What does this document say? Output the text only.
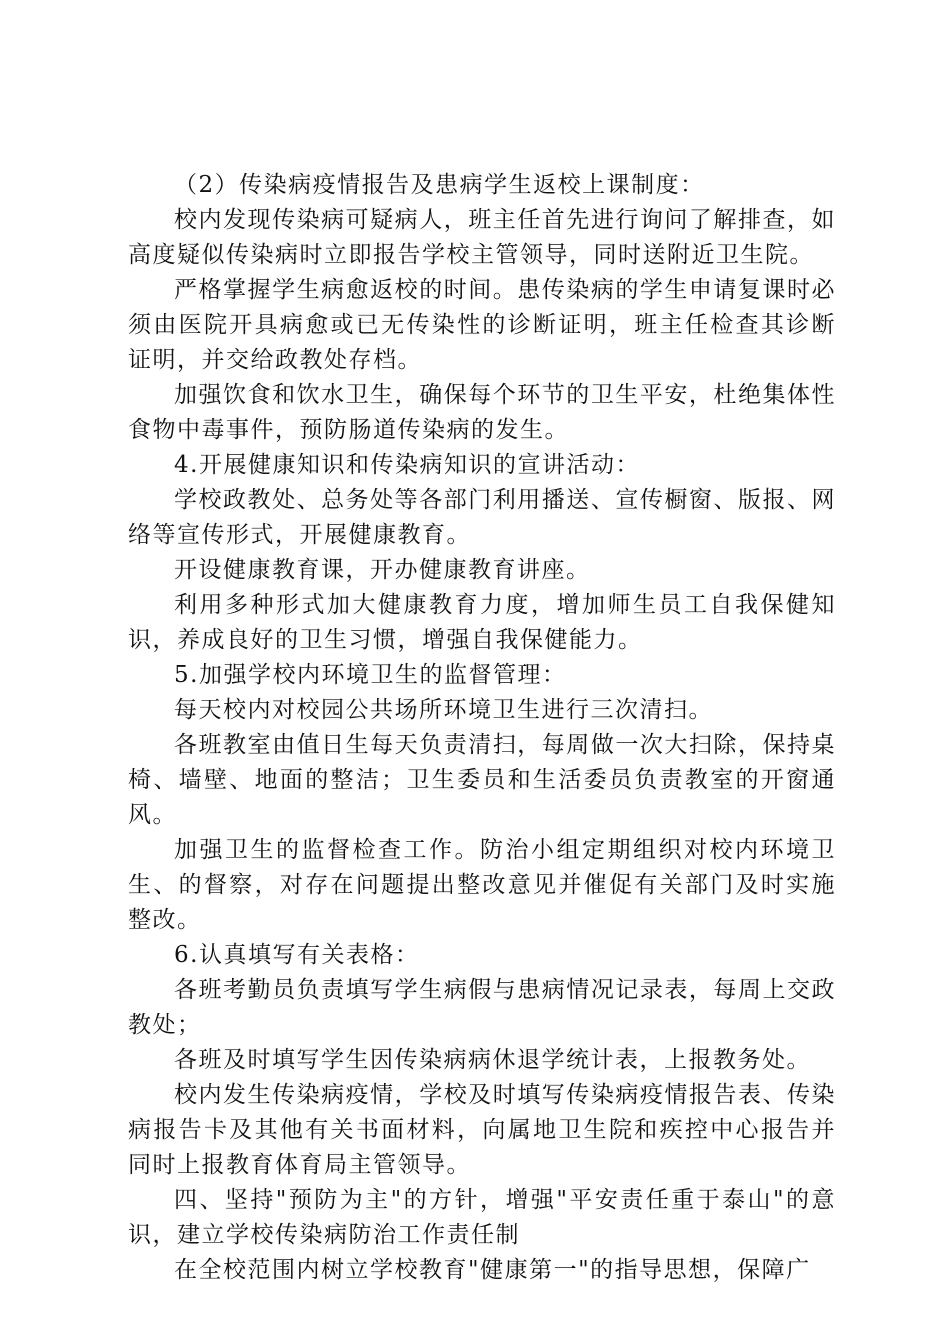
（2）传染病疫情报告及患病学生返校上课制度：

校内发现传染病可疑病人，班主任首先进行询问了解排查，如高度疑似传染病时立即报告学校主管领导，同时送附近卫生院。

严格掌握学生病愈返校的时间。患传染病的学生申请复课时必须由医院开具病愈或已无传染性的诊断证明，班主任检查其诊断证明，并交给政教处存档。

加强饮食和饮水卫生，确保每个环节的卫生平安，杜绝集体性食物中毒事件，预防肠道传染病的发生。

4.开展健康知识和传染病知识的宣讲活动：

学校政教处、总务处等各部门利用播送、宣传橱窗、版报、网络等宣传形式，开展健康教育。

开设健康教育课，开办健康教育讲座。

利用多种形式加大健康教育力度，增加师生员工自我保健知识，养成良好的卫生习惯，增强自我保健能力。

5.加强学校内环境卫生的监督管理：

每天校内对校园公共场所环境卫生进行三次清扫。

各班教室由值日生每天负责清扫，每周做一次大扫除，保持桌椅、墙壁、地面的整洁；卫生委员和生活委员负责教室的开窗通风。

加强卫生的监督检查工作。防治小组定期组织对校内环境卫生、的督察，对存在问题提出整改意见并催促有关部门及时实施整改。

6.认真填写有关表格：

各班考勤员负责填写学生病假与患病情况记录表，每周上交政教处；

各班及时填写学生因传染病病休退学统计表，上报教务处。

校内发生传染病疫情，学校及时填写传染病疫情报告表、传染病报告卡及其他有关书面材料，向属地卫生院和疾控中心报告并同时上报教育体育局主管领导。

四、坚持"预防为主"的方针，增强"平安责任重于泰山"的意识，建立学校传染病防治工作责任制

在全校范围内树立学校教育"健康第一"的指导思想，保障广
